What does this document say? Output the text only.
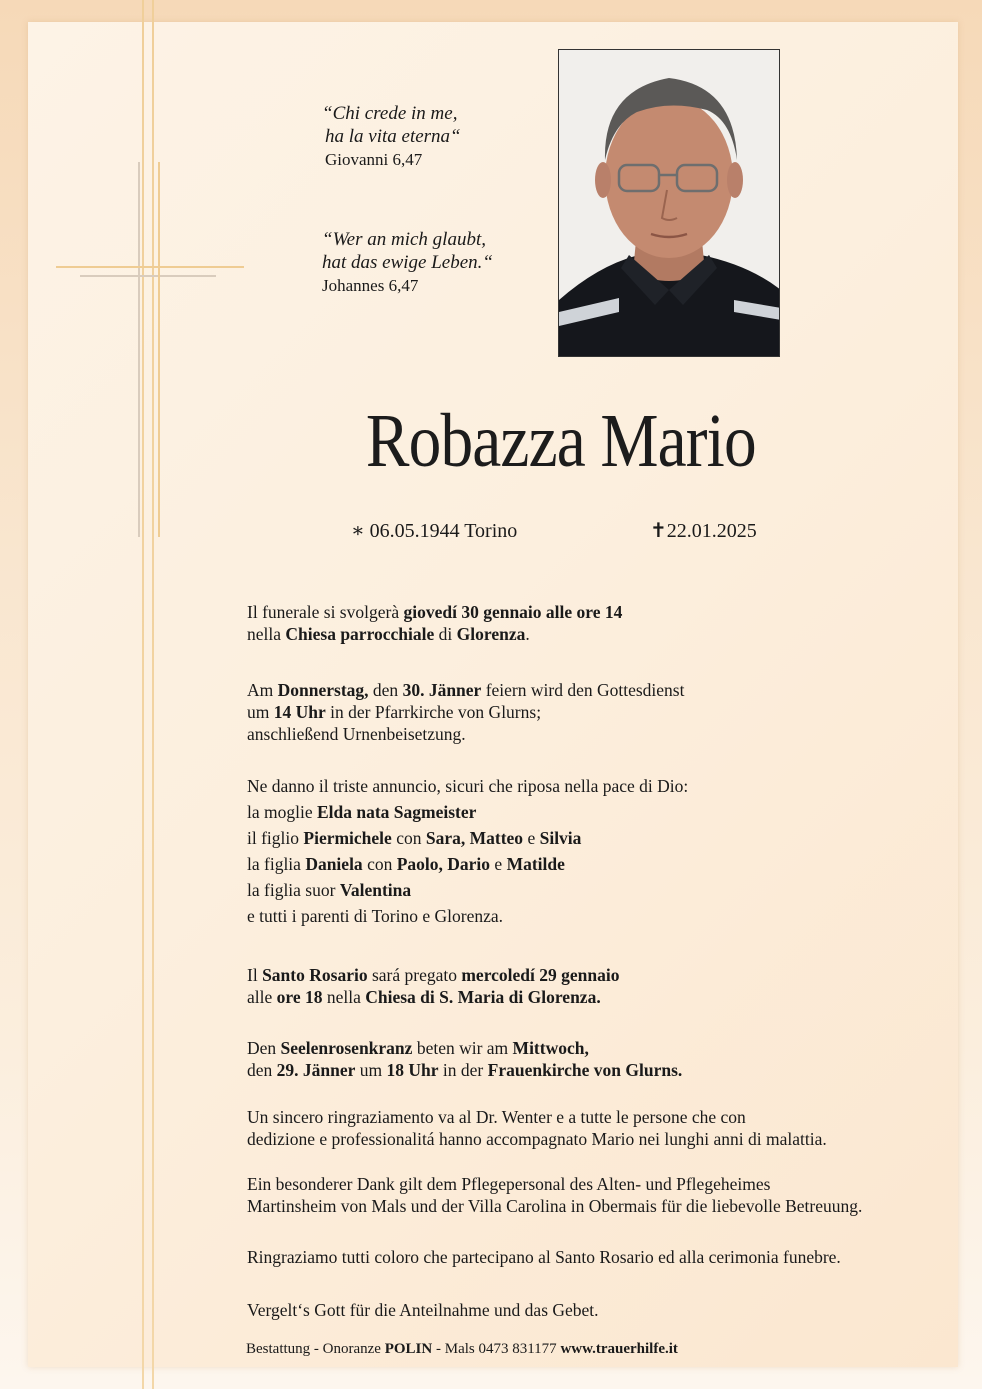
“Chi crede in me,
ha la vita eterna“
Giovanni 6,47
“Wer an mich glaubt,
hat das ewige Leben.“
Johannes 6,47
Robazza Mario
∗ 06.05.1944 Torino	✝22.01.2025
Il funerale si svolgerà giovedí 30 gennaio alle ore 14
nella Chiesa parrocchiale di Glorenza.
Am Donnerstag, den 30. Jänner feiern wird den Gottesdienst
um 14 Uhr in der Pfarrkirche von Glurns;
anschließend Urnenbeisetzung.
Ne danno il triste annuncio, sicuri che riposa nella pace di Dio:
la moglie Elda nata Sagmeister
il figlio Piermichele con Sara, Matteo e Silvia
la figlia Daniela con Paolo, Dario e Matilde
la figlia suor Valentina
e tutti i parenti di Torino e Glorenza.
Il Santo Rosario sará pregato mercoledí 29 gennaio
alle ore 18 nella Chiesa di S. Maria di Glorenza.
Den Seelenrosenkranz beten wir am Mittwoch,
den 29. Jänner um 18 Uhr in der Frauenkirche von Glurns.
Un sincero ringraziamento va al Dr. Wenter e a tutte le persone che con
dedizione e professionalitá hanno accompagnato Mario nei lunghi anni di malattia.
Ein besonderer Dank gilt dem Pflegepersonal des Alten- und Pflegeheimes
Martinsheim von Mals und der Villa Carolina in Obermais für die liebevolle Betreuung.
Ringraziamo tutti coloro che partecipano al Santo Rosario ed alla cerimonia funebre.
Vergelt‘s Gott für die Anteilnahme und das Gebet.
Bestattung - Onoranze POLIN - Mals 0473 831177 www.trauerhilfe.it
